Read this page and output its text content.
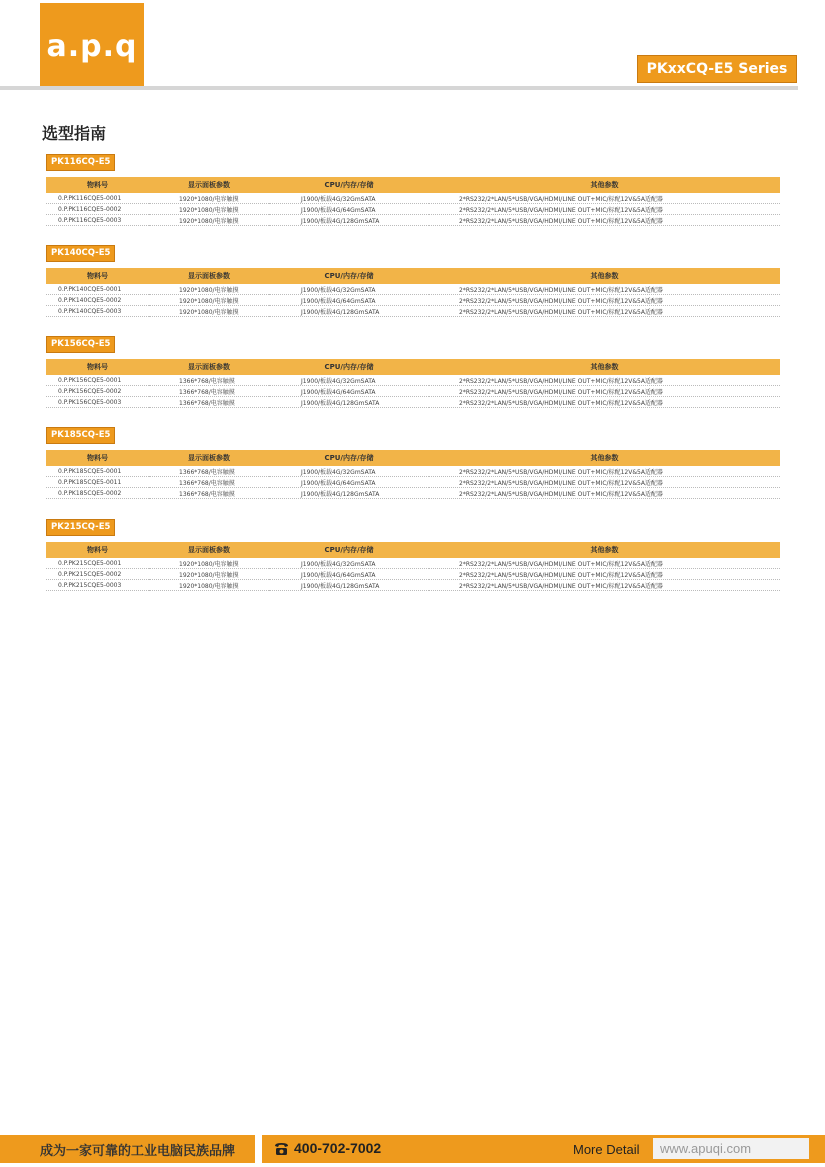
a.p.q
PKxxCQ-E5 Series
选型指南
PK116CQ-E5
物料号	显示面板参数	CPU/内存/存储	其他参数
0.P.PK116CQE5-0001	1920*1080/电容触摸	J1900/板载4G/32GmSATA	2*RS232/2*LAN/5*USB/VGA/HDMI/LINE OUT+MIC/标配12V&5A适配器
0.P.PK116CQE5-0002	1920*1080/电容触摸	J1900/板载4G/64GmSATA	2*RS232/2*LAN/5*USB/VGA/HDMI/LINE OUT+MIC/标配12V&5A适配器
0.P.PK116CQE5-0003	1920*1080/电容触摸	J1900/板载4G/128GmSATA	2*RS232/2*LAN/5*USB/VGA/HDMI/LINE OUT+MIC/标配12V&5A适配器
PK140CQ-E5
物料号	显示面板参数	CPU/内存/存储	其他参数
0.P.PK140CQE5-0001	1920*1080/电容触摸	J1900/板载4G/32GmSATA	2*RS232/2*LAN/5*USB/VGA/HDMI/LINE OUT+MIC/标配12V&5A适配器
0.P.PK140CQE5-0002	1920*1080/电容触摸	J1900/板载4G/64GmSATA	2*RS232/2*LAN/5*USB/VGA/HDMI/LINE OUT+MIC/标配12V&5A适配器
0.P.PK140CQE5-0003	1920*1080/电容触摸	J1900/板载4G/128GmSATA	2*RS232/2*LAN/5*USB/VGA/HDMI/LINE OUT+MIC/标配12V&5A适配器
PK156CQ-E5
物料号	显示面板参数	CPU/内存/存储	其他参数
0.P.PK156CQE5-0001	1366*768/电容触摸	J1900/板载4G/32GmSATA	2*RS232/2*LAN/5*USB/VGA/HDMI/LINE OUT+MIC/标配12V&5A适配器
0.P.PK156CQE5-0002	1366*768/电容触摸	J1900/板载4G/64GmSATA	2*RS232/2*LAN/5*USB/VGA/HDMI/LINE OUT+MIC/标配12V&5A适配器
0.P.PK156CQE5-0003	1366*768/电容触摸	J1900/板载4G/128GmSATA	2*RS232/2*LAN/5*USB/VGA/HDMI/LINE OUT+MIC/标配12V&5A适配器
PK185CQ-E5
物料号	显示面板参数	CPU/内存/存储	其他参数
0.P.PK185CQE5-0001	1366*768/电容触摸	J1900/板载4G/32GmSATA	2*RS232/2*LAN/5*USB/VGA/HDMI/LINE OUT+MIC/标配12V&5A适配器
0.P.PK185CQE5-0011	1366*768/电容触摸	J1900/板载4G/64GmSATA	2*RS232/2*LAN/5*USB/VGA/HDMI/LINE OUT+MIC/标配12V&5A适配器
0.P.PK185CQE5-0002	1366*768/电容触摸	J1900/板载4G/128GmSATA	2*RS232/2*LAN/5*USB/VGA/HDMI/LINE OUT+MIC/标配12V&5A适配器
PK215CQ-E5
物料号	显示面板参数	CPU/内存/存储	其他参数
0.P.PK215CQE5-0001	1920*1080/电容触摸	J1900/板载4G/32GmSATA	2*RS232/2*LAN/5*USB/VGA/HDMI/LINE OUT+MIC/标配12V&5A适配器
0.P.PK215CQE5-0002	1920*1080/电容触摸	J1900/板载4G/64GmSATA	2*RS232/2*LAN/5*USB/VGA/HDMI/LINE OUT+MIC/标配12V&5A适配器
0.P.PK215CQE5-0003	1920*1080/电容触摸	J1900/板载4G/128GmSATA	2*RS232/2*LAN/5*USB/VGA/HDMI/LINE OUT+MIC/标配12V&5A适配器
成为一家可靠的工业电脑民族品牌	400-702-7002	More Detail www.apuqi.com
